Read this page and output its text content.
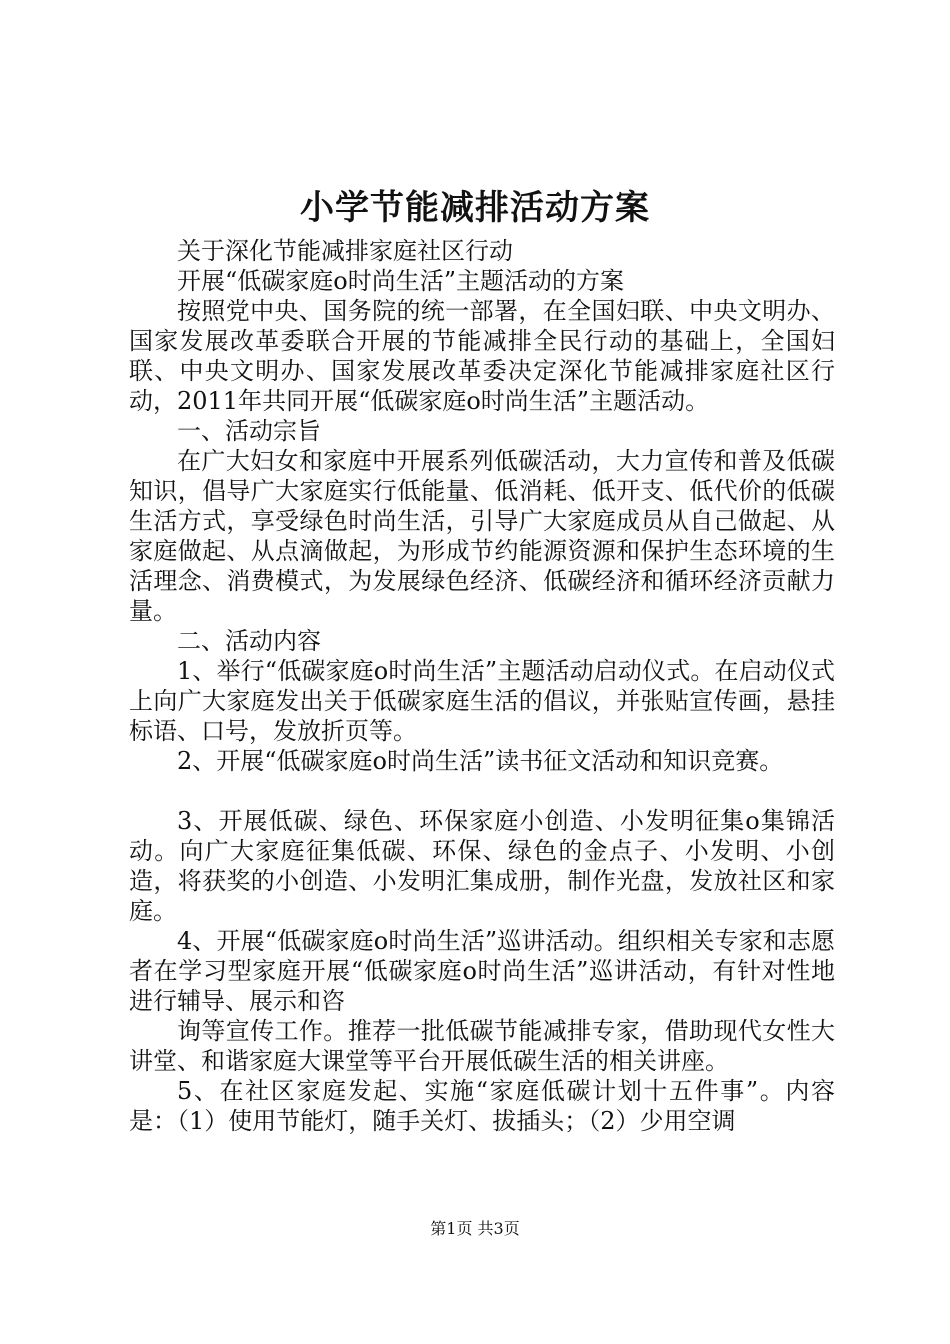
小学节能减排活动方案

关于深化节能减排家庭社区行动

开展“低碳家庭o时尚生活”主题活动的方案

按照党中央、国务院的统一部署，在全国妇联、中央文明办、国家发展改革委联合开展的节能减排全民行动的基础上，全国妇联、中央文明办、国家发展改革委决定深化节能减排家庭社区行动，2011年共同开展“低碳家庭o时尚生活”主题活动。

一、活动宗旨

在广大妇女和家庭中开展系列低碳活动，大力宣传和普及低碳知识，倡导广大家庭实行低能量、低消耗、低开支、低代价的低碳生活方式，享受绿色时尚生活，引导广大家庭成员从自己做起、从家庭做起、从点滴做起，为形成节约能源资源和保护生态环境的生活理念、消费模式，为发展绿色经济、低碳经济和循环经济贡献力量。

二、活动内容

1、举行“低碳家庭o时尚生活”主题活动启动仪式。在启动仪式上向广大家庭发出关于低碳家庭生活的倡议，并张贴宣传画，悬挂标语、口号，发放折页等。

2、开展“低碳家庭o时尚生活”读书征文活动和知识竞赛。

3、开展低碳、绿色、环保家庭小创造、小发明征集o集锦活动。向广大家庭征集低碳、环保、绿色的金点子、小发明、小创造，将获奖的小创造、小发明汇集成册，制作光盘，发放社区和家庭。

4、开展“低碳家庭o时尚生活”巡讲活动。组织相关专家和志愿者在学习型家庭开展“低碳家庭o时尚生活”巡讲活动，有针对性地进行辅导、展示和咨

询等宣传工作。推荐一批低碳节能减排专家，借助现代女性大讲堂、和谐家庭大课堂等平台开展低碳生活的相关讲座。

5、在社区家庭发起、实施“家庭低碳计划十五件事”。内容是：（1）使用节能灯，随手关灯、拔插头；（2）少用空调

第1页 共3页
